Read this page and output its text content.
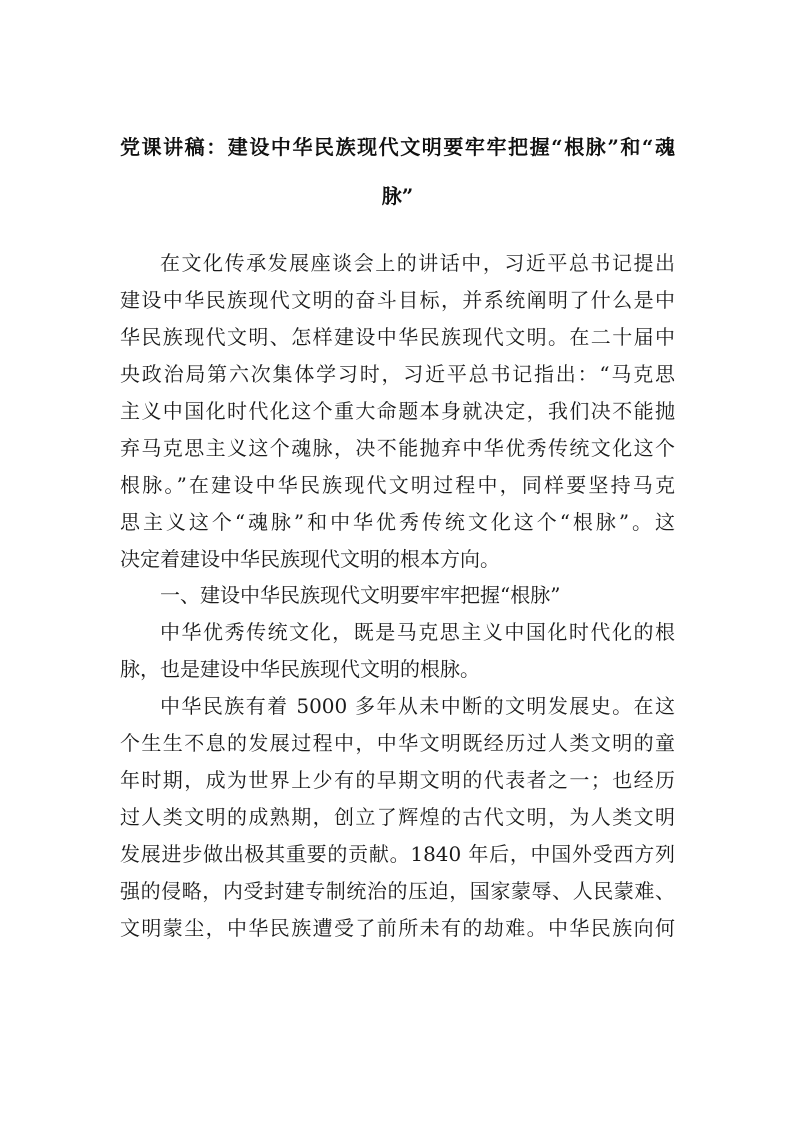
党课讲稿：建设中华民族现代文明要牢牢把握“根脉”和“魂
脉”
在文化传承发展座谈会上的讲话中，习近平总书记提出
建设中华民族现代文明的奋斗目标，并系统阐明了什么是中
华民族现代文明、怎样建设中华民族现代文明。在二十届中
央政治局第六次集体学习时，习近平总书记指出：“马克思
主义中国化时代化这个重大命题本身就决定，我们决不能抛
弃马克思主义这个魂脉，决不能抛弃中华优秀传统文化这个
根脉。”在建设中华民族现代文明过程中，同样要坚持马克
思主义这个“魂脉”和中华优秀传统文化这个“根脉”。这
决定着建设中华民族现代文明的根本方向。
一、建设中华民族现代文明要牢牢把握“根脉”
中华优秀传统文化，既是马克思主义中国化时代化的根
脉，也是建设中华民族现代文明的根脉。
中华民族有着 5000 多年从未中断的文明发展史。在这
个生生不息的发展过程中，中华文明既经历过人类文明的童
年时期，成为世界上少有的早期文明的代表者之一；也经历
过人类文明的成熟期，创立了辉煌的古代文明，为人类文明
发展进步做出极其重要的贡献。1840 年后，中国外受西方列
强的侵略，内受封建专制统治的压迫，国家蒙辱、人民蒙难、
文明蒙尘，中华民族遭受了前所未有的劫难。中华民族向何
